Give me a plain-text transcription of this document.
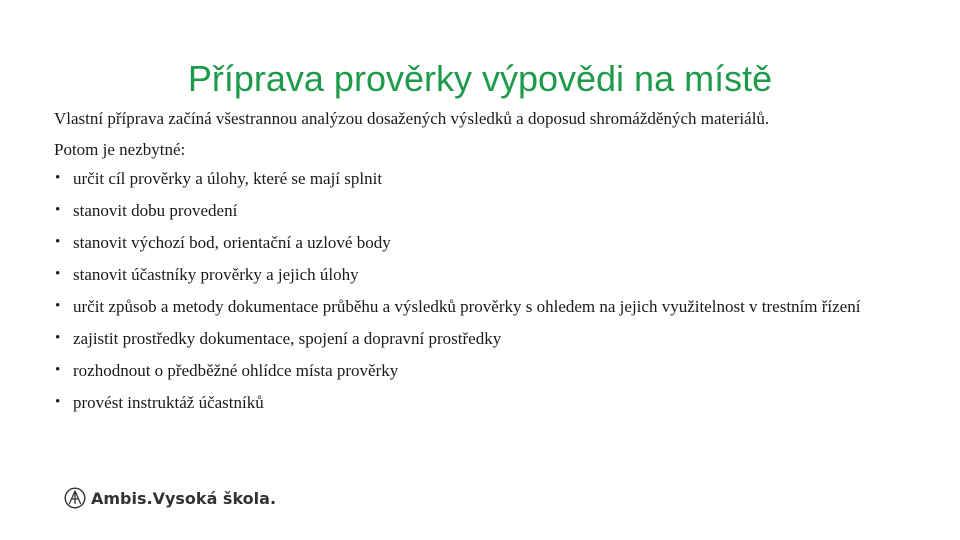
Příprava prověrky výpovědi na místě

Vlastní příprava začíná všestrannou analýzou dosažených výsledků a doposud shromážděných materiálů.

Potom je nezbytné:

• určit cíl prověrky a úlohy, které se mají splnit
• stanovit dobu provedení
• stanovit výchozí bod, orientační a uzlové body
• stanovit účastníky prověrky a jejich úlohy
• určit způsob a metody dokumentace průběhu a výsledků prověrky s ohledem na jejich využitelnost v trestním řízení
• zajistit prostředky dokumentace, spojení a dopravní prostředky
• rozhodnout o předběžné ohlídce místa prověrky
• provést instruktáž účastníků
Ambis.Vysoká škola.
